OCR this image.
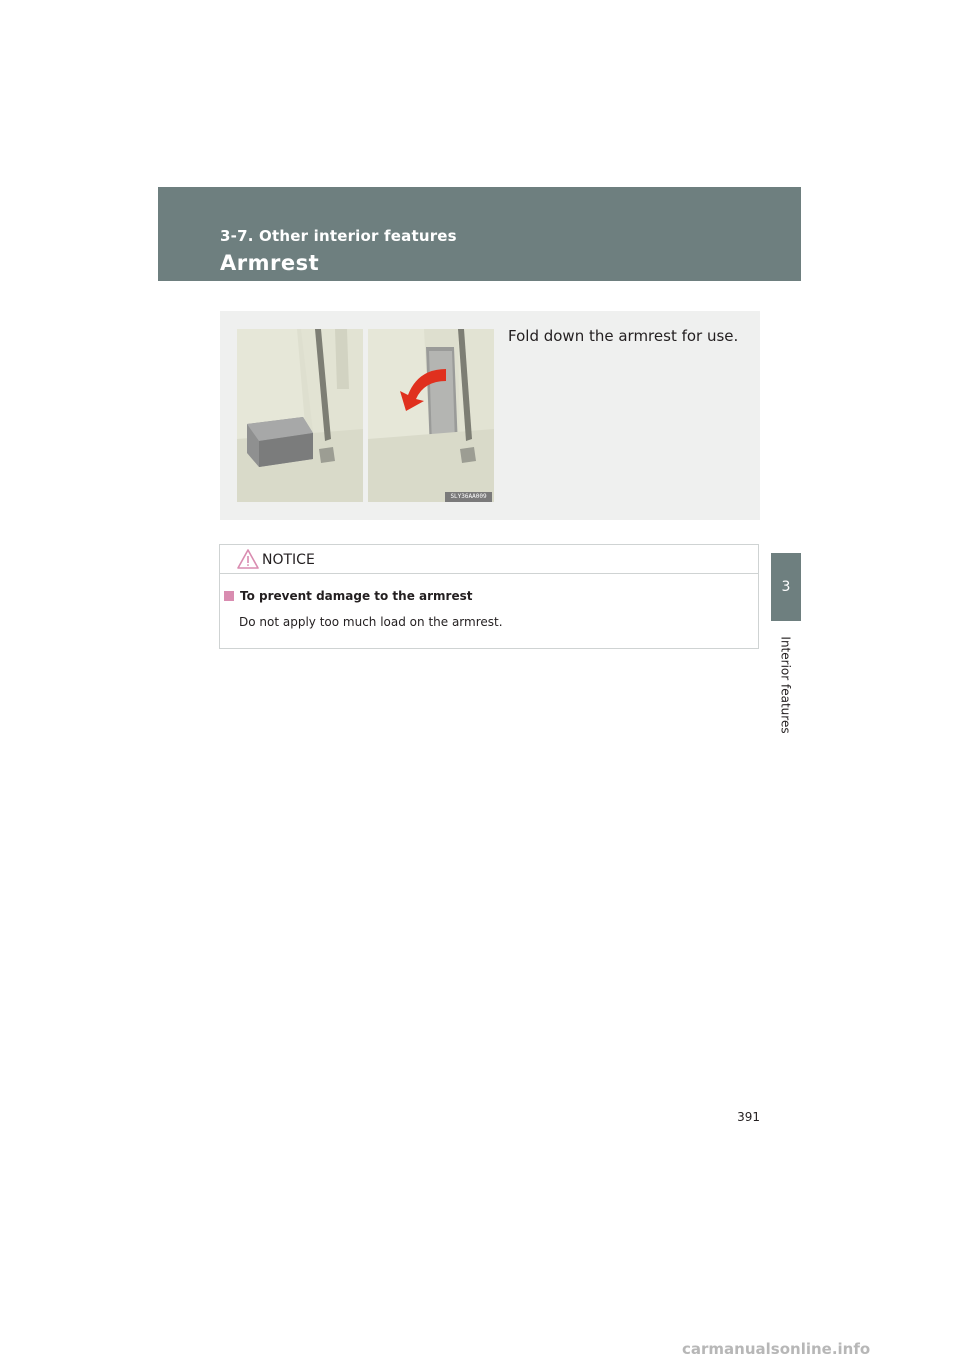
3-7. Other interior features
Armrest
3
Interior features
SLY36AA009
Fold down the armrest for use.
NOTICE
To prevent damage to the armrest
Do not apply too much load on the armrest.
391
carmanualsonline.info
